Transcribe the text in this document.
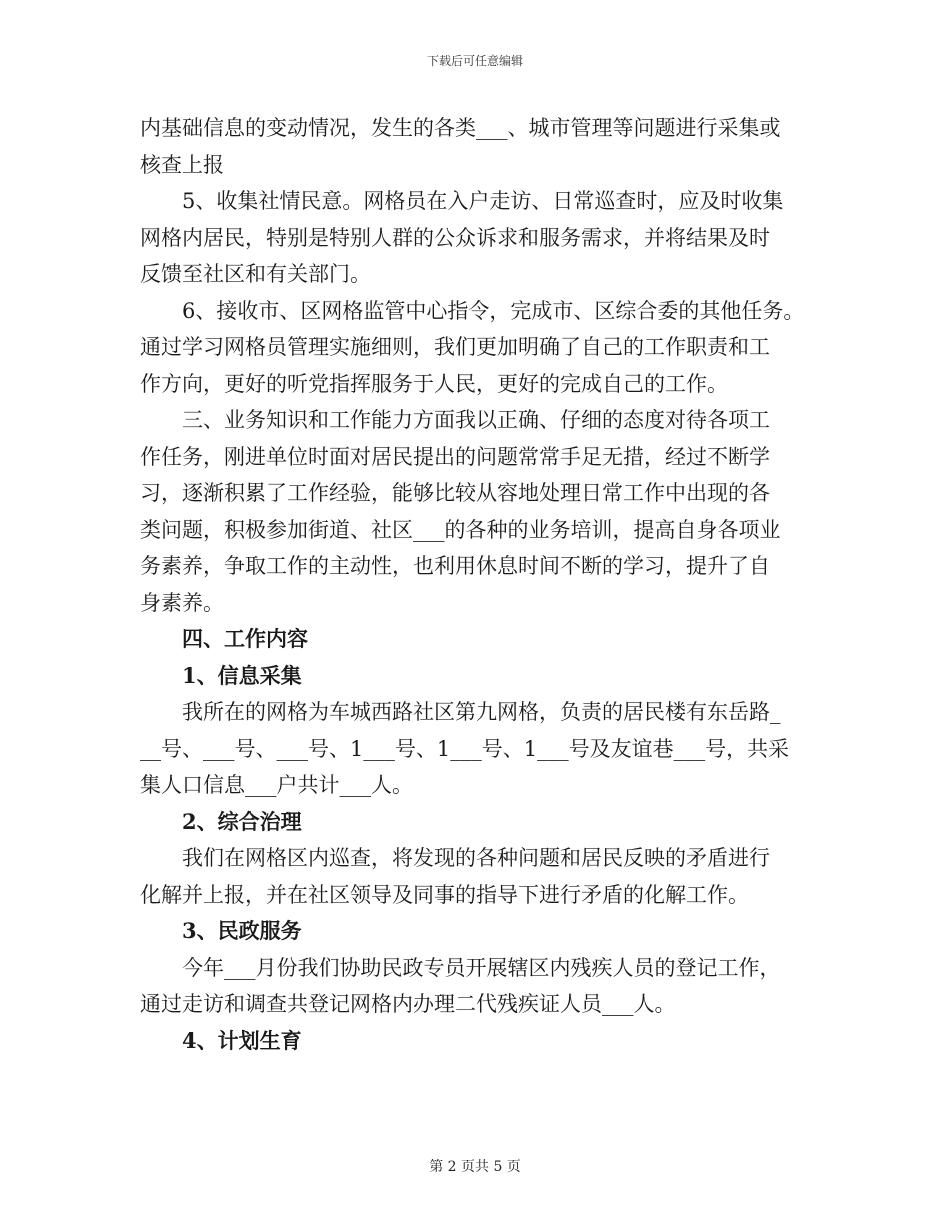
下载后可任意编辑
内基础信息的变动情况，发生的各类___、城市管理等问题进行采集或
核查上报
5、收集社情民意。网格员在入户走访、日常巡查时，应及时收集
网格内居民，特别是特别人群的公众诉求和服务需求，并将结果及时
反馈至社区和有关部门。
6、接收市、区网格监管中心指令，完成市、区综合委的其他任务。
通过学习网格员管理实施细则，我们更加明确了自己的工作职责和工
作方向，更好的听党指挥服务于人民，更好的完成自己的工作。
三、业务知识和工作能力方面我以正确、仔细的态度对待各项工
作任务，刚进单位时面对居民提出的问题常常手足无措，经过不断学
习，逐渐积累了工作经验，能够比较从容地处理日常工作中出现的各
类问题，积极参加街道、社区___的各种的业务培训，提高自身各项业
务素养，争取工作的主动性，也利用休息时间不断的学习，提升了自
身素养。
四、工作内容
1、信息采集
我所在的网格为车城西路社区第九网格，负责的居民楼有东岳路_
__号、___号、___号、1___号、1___号、1___号及友谊巷___号，共采
集人口信息___户共计___人。
2、综合治理
我们在网格区内巡查，将发现的各种问题和居民反映的矛盾进行
化解并上报，并在社区领导及同事的指导下进行矛盾的化解工作。
3、民政服务
今年___月份我们协助民政专员开展辖区内残疾人员的登记工作，
通过走访和调查共登记网格内办理二代残疾证人员___人。
4、计划生育
第 2 页共 5 页
